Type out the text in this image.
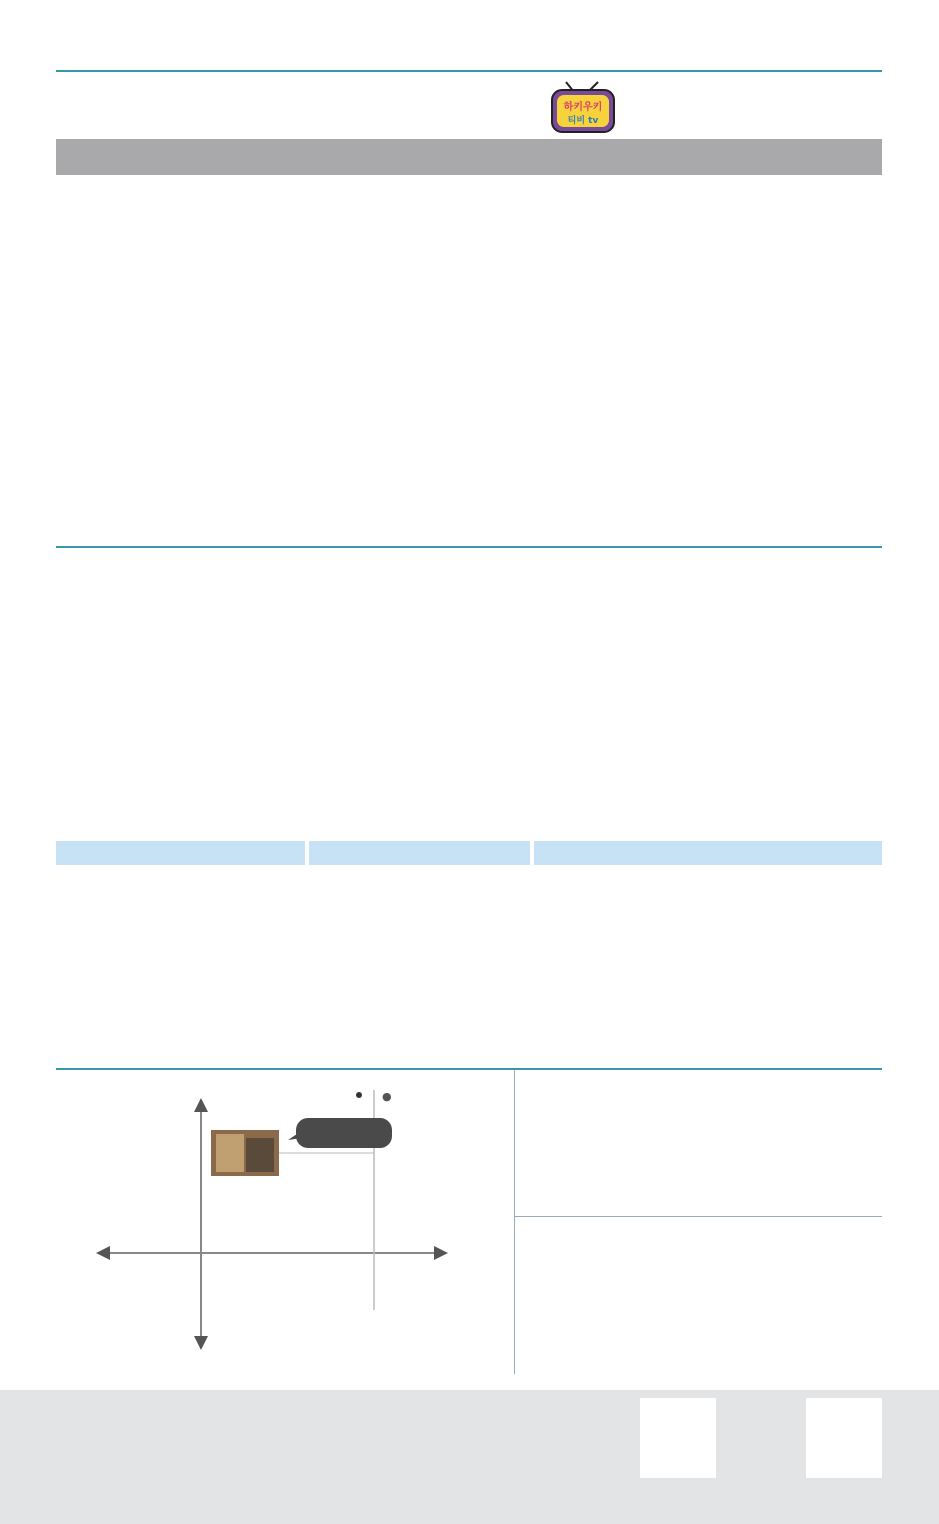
하키우키
티비 tv
●
